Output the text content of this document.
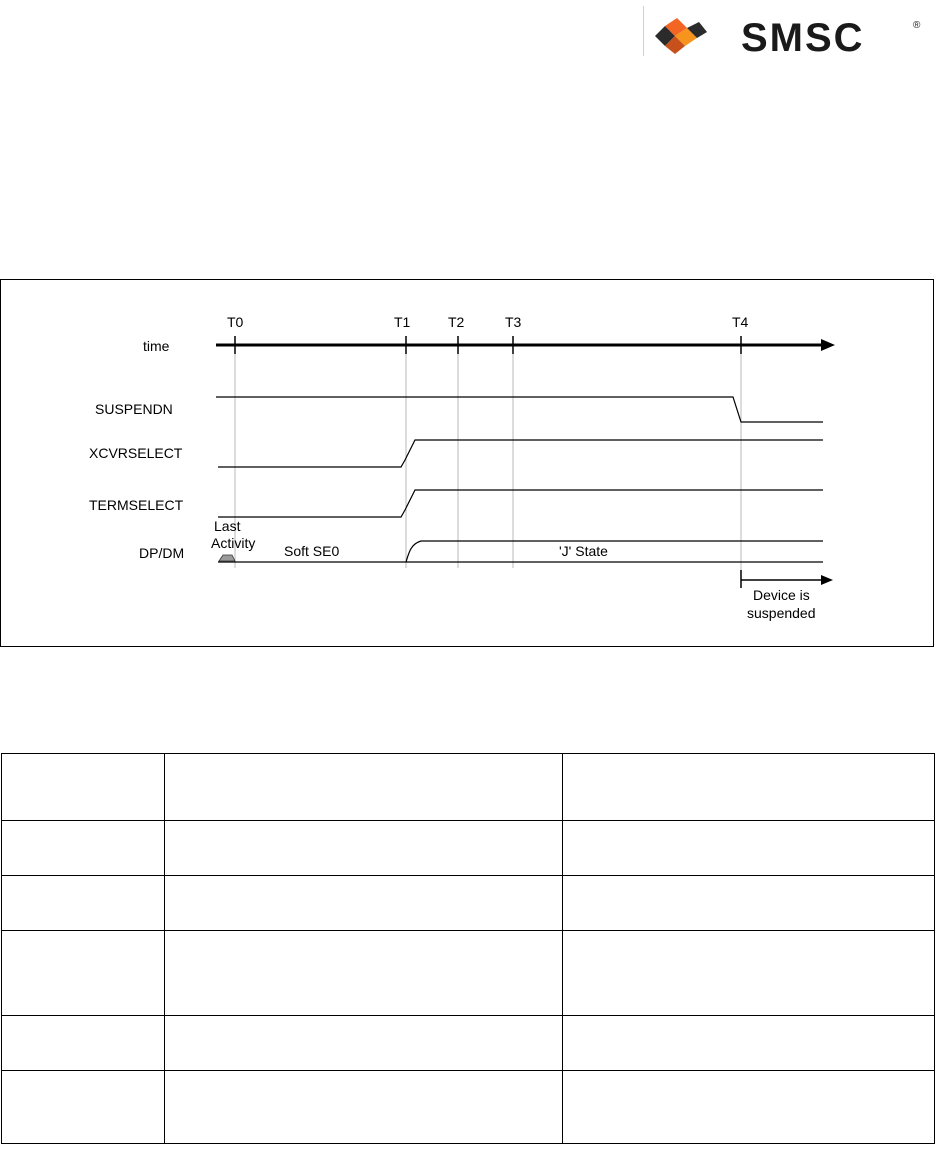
SMSC	®
T0	T1	T2	T3	T4
time
SUSPENDN
XCVRSELECT
TERMSELECT
DP/DM
Last
Activity Soft SE0	'J' State
Device is
suspended
